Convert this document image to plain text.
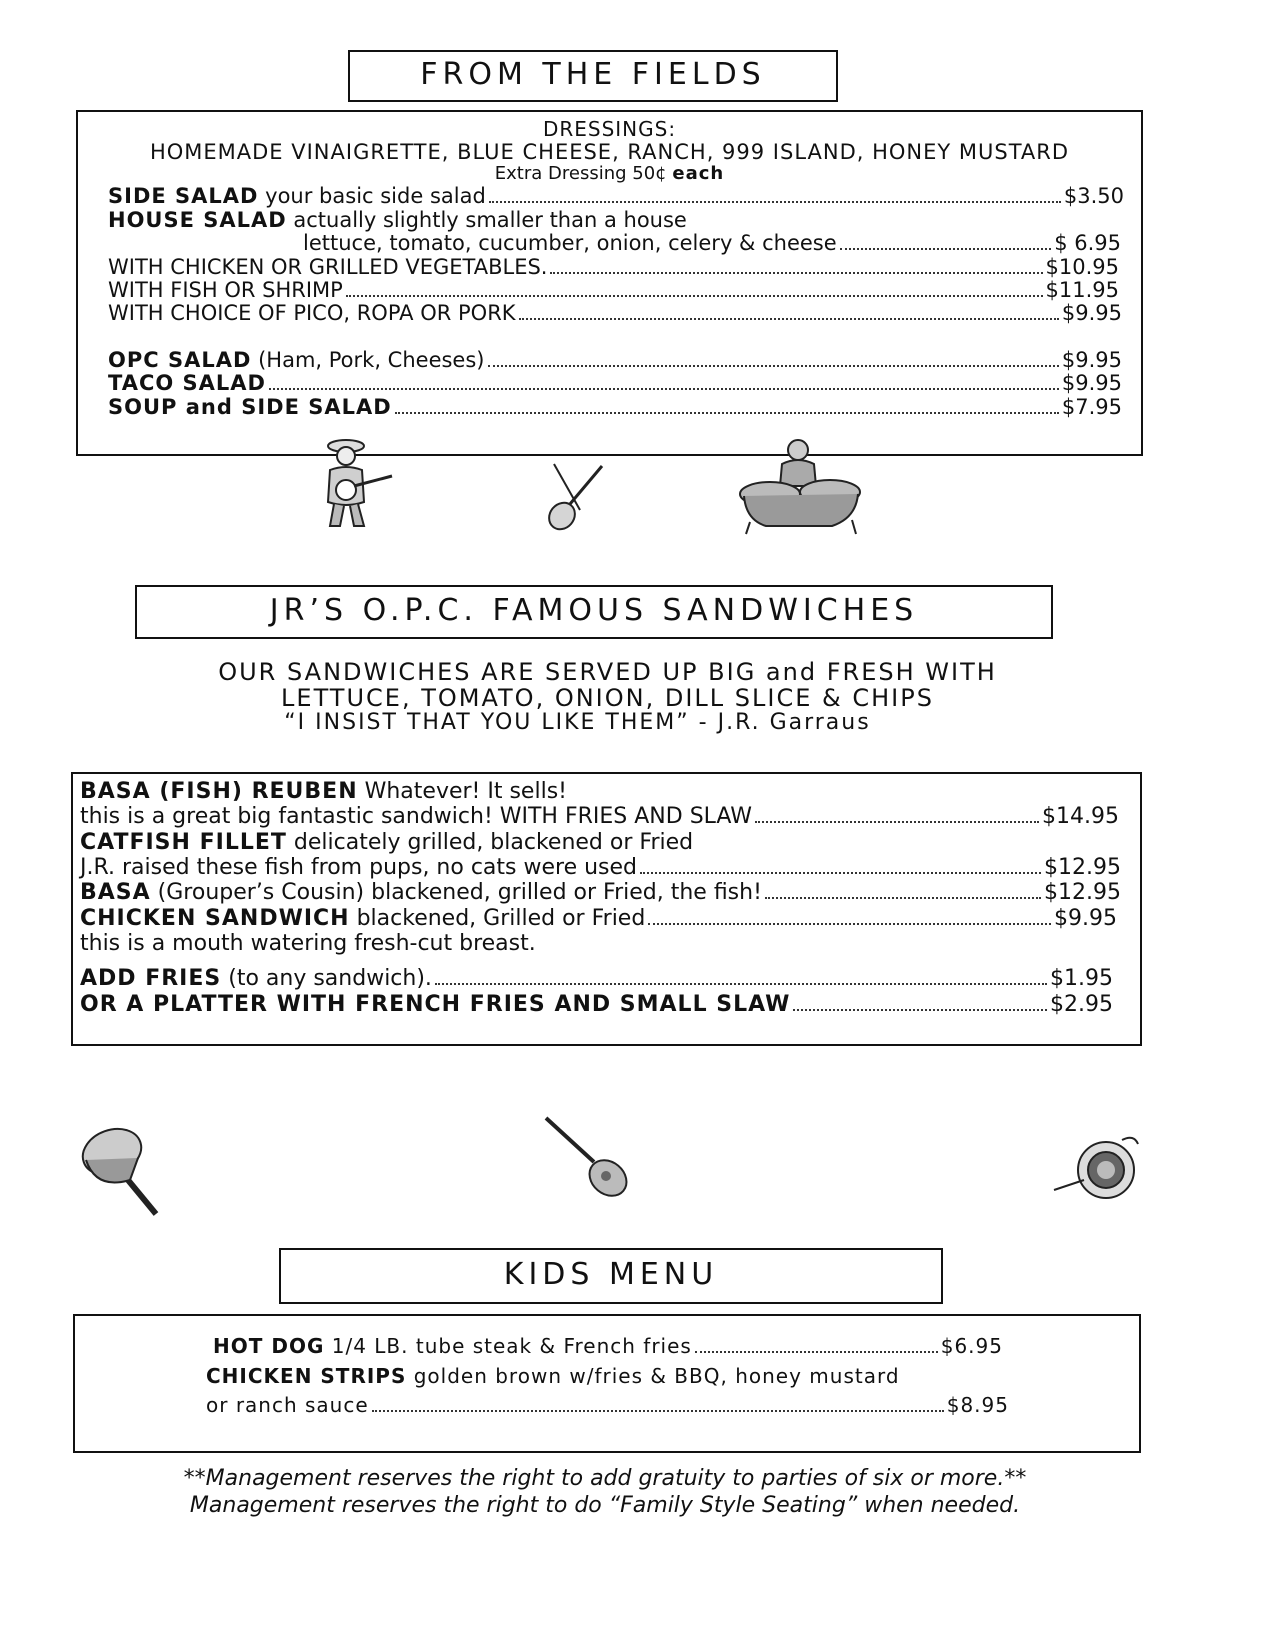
FROM THE FIELDS
DRESSINGS:
HOMEMADE VINAIGRETTE, BLUE CHEESE, RANCH, 999 ISLAND, HONEY MUSTARD
Extra Dressing 50¢ each
SIDE SALAD
your basic side salad	$3.50
HOUSE SALAD actually slightly smaller than a house
lettuce, tomato, cucumber, onion, celery & cheese	$ 6.95
WITH CHICKEN OR GRILLED VEGETABLES.	$10.95
WITH FISH OR SHRIMP	$11.95
WITH CHOICE OF PICO, ROPA OR PORK	$9.95
OPC SALAD
(Ham, Pork, Cheeses)	$9.95
TACO SALAD	$9.95
SOUP and SIDE SALAD	$7.95
JR’S O.P.C. FAMOUS SANDWICHES
OUR SANDWICHES ARE SERVED UP BIG and FRESH WITH
LETTUCE, TOMATO, ONION, DILL SLICE & CHIPS
“I INSIST THAT YOU LIKE THEM” - J.R. Garraus
BASA (FISH) REUBEN Whatever! It sells!
this is a great big fantastic sandwich! WITH FRIES AND SLAW	$14.95
CATFISH FILLET delicately grilled, blackened or Fried
J.R. raised these fish from pups, no cats were used	$12.95
BASA
(Grouper’s Cousin) blackened, grilled or Fried, the fish!	$12.95
CHICKEN SANDWICH
blackened, Grilled or Fried	$9.95
this is a mouth watering fresh-cut breast.
ADD FRIES
(to any sandwich).	$1.95
OR A PLATTER WITH FRENCH FRIES AND SMALL SLAW	$2.95
KIDS MENU
HOT DOG
1/4 LB. tube steak & French fries	$6.95
CHICKEN STRIPS golden brown w/fries & BBQ, honey mustard
or ranch sauce	$8.95
**Management reserves the right to add gratuity to parties of six or more.**
Management reserves the right to do “Family Style Seating” when needed.
